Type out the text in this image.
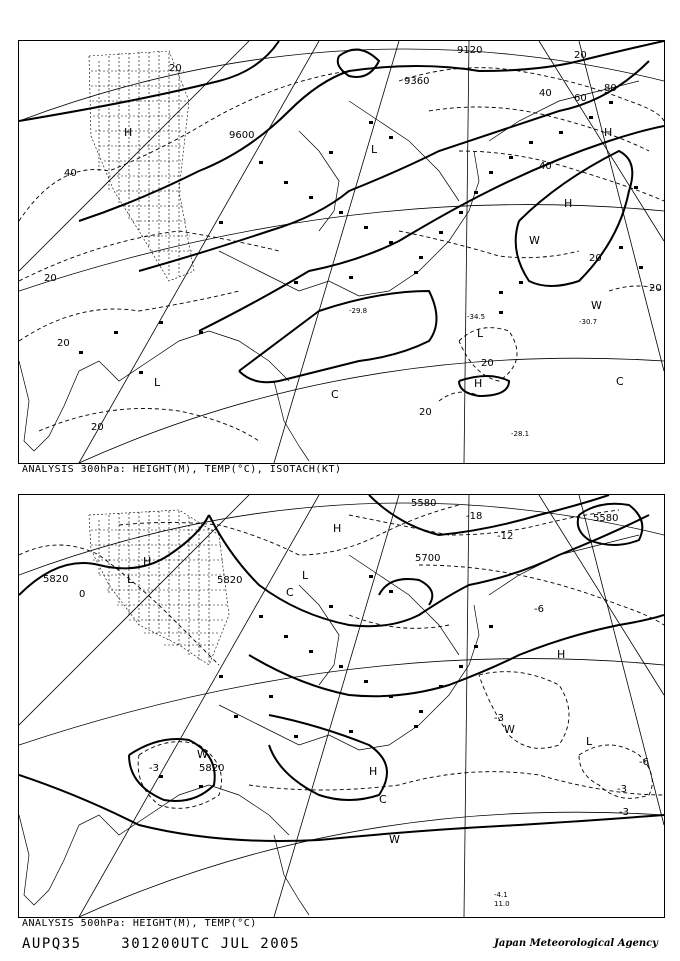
9120
9360
9600
20
40 60
80
20
40
20
40
20
20
20
20
20
20
H
L
H
W
W
C
H	C
L
L
H
-34.5
-30.7
-28.1
-29.8
ANALYSIS 300hPa: HEIGHT(M), TEMP(°C), ISOTACH(KT)
5580
5580
5700
5820	5820
5820
-18
-12
-6
-3
-3
-3
0
-6
-3
H
L
C
H
W
L
W
H
C
W
L
H
-4.1
11.0
ANALYSIS 500hPa: HEIGHT(M), TEMP(°C)
AUPQ35	301200UTC JUL 2005	Japan Meteorological Agency
